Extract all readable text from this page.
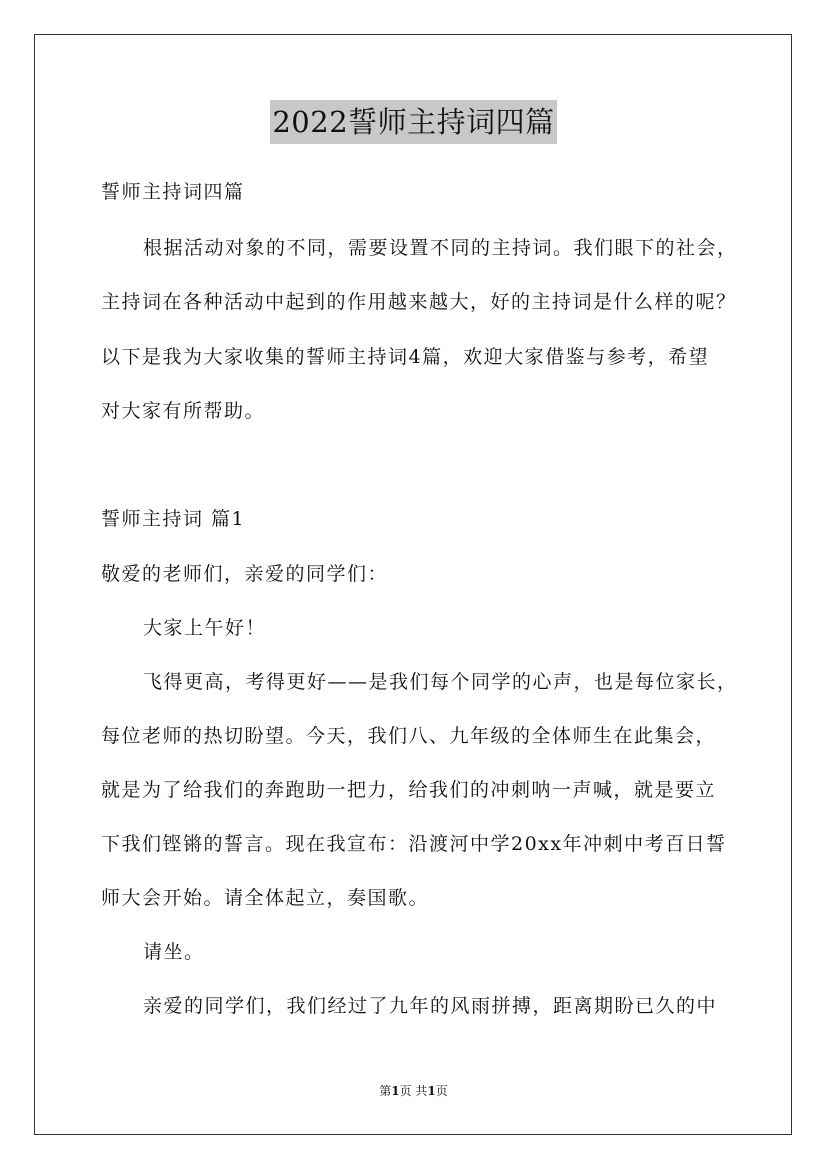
2022誓师主持词四篇
誓师主持词四篇
根据活动对象的不同，需要设置不同的主持词。我们眼下的社会，
主持词在各种活动中起到的作用越来越大，好的主持词是什么样的呢？
以下是我为大家收集的誓师主持词4篇，欢迎大家借鉴与参考，希望
对大家有所帮助。
誓师主持词 篇1
敬爱的老师们，亲爱的同学们：
大家上午好！
飞得更高，考得更好——是我们每个同学的心声，也是每位家长，
每位老师的热切盼望。今天，我们八、九年级的全体师生在此集会，
就是为了给我们的奔跑助一把力，给我们的冲刺呐一声喊，就是要立
下我们铿锵的誓言。现在我宣布：沿渡河中学20xx年冲刺中考百日誓
师大会开始。请全体起立，奏国歌。
请坐。
亲爱的同学们，我们经过了九年的风雨拼搏，距离期盼已久的中
第1页 共1页
